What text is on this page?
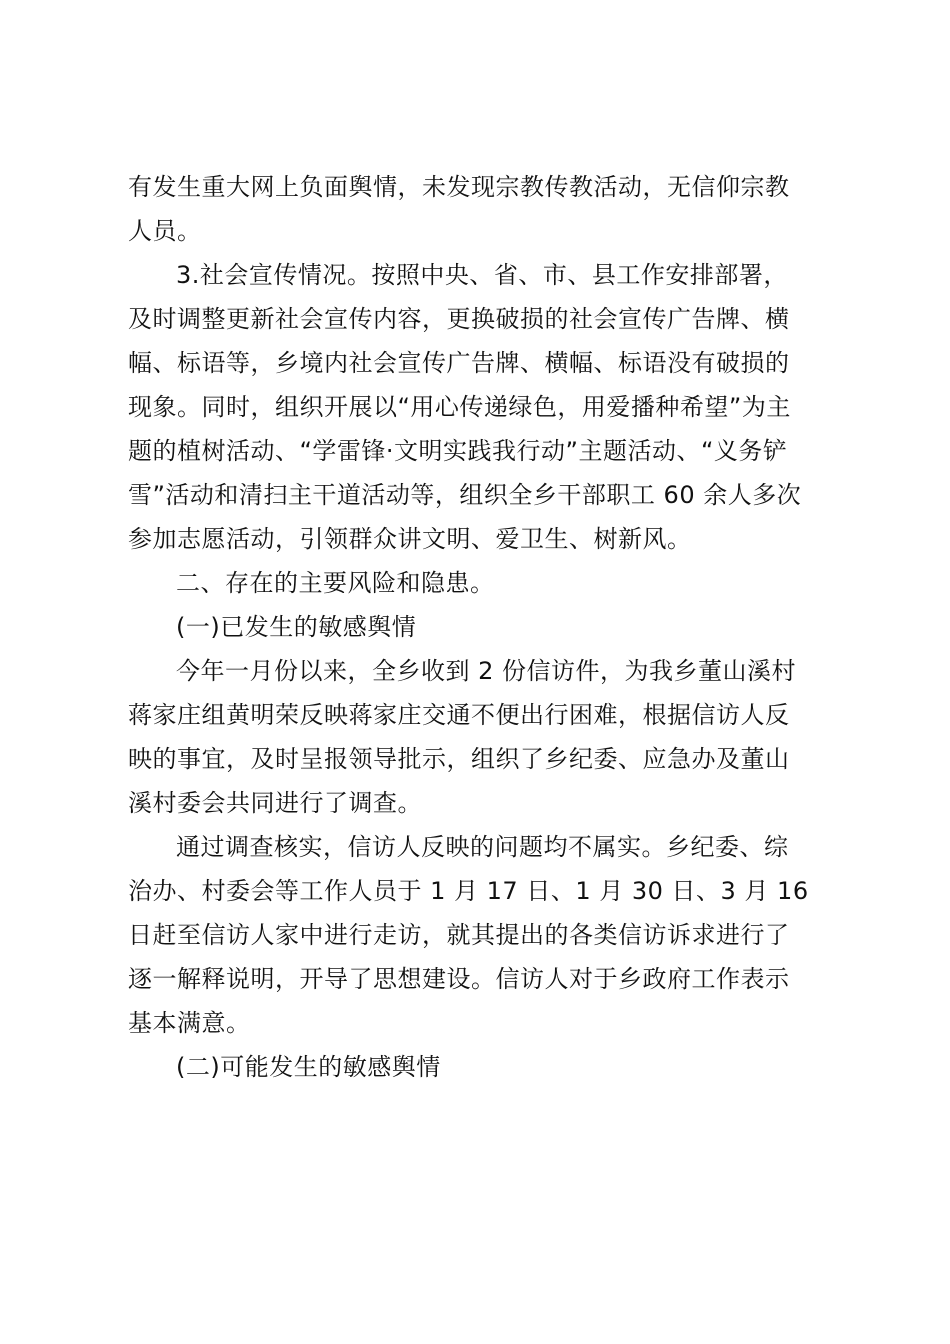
有发生重大网上负面舆情，未发现宗教传教活动，无信仰宗教
人员。
3.社会宣传情况。按照中央、省、市、县工作安排部署，
及时调整更新社会宣传内容，更换破损的社会宣传广告牌、横
幅、标语等，乡境内社会宣传广告牌、横幅、标语没有破损的
现象。同时，组织开展以“用心传递绿色，用爱播种希望”为主
题的植树活动、“学雷锋·文明实践我行动”主题活动、“义务铲
雪”活动和清扫主干道活动等，组织全乡干部职工 60 余人多次
参加志愿活动，引领群众讲文明、爱卫生、树新风。
二、存在的主要风险和隐患。
(一)已发生的敏感舆情
今年一月份以来，全乡收到 2 份信访件，为我乡董山溪村
蒋家庄组黄明荣反映蒋家庄交通不便出行困难，根据信访人反
映的事宜，及时呈报领导批示，组织了乡纪委、应急办及董山
溪村委会共同进行了调查。
通过调查核实，信访人反映的问题均不属实。乡纪委、综
治办、村委会等工作人员于 1 月 17 日、1 月 30 日、3 月 16
日赶至信访人家中进行走访，就其提出的各类信访诉求进行了
逐一解释说明，开导了思想建设。信访人对于乡政府工作表示
基本满意。
(二)可能发生的敏感舆情
